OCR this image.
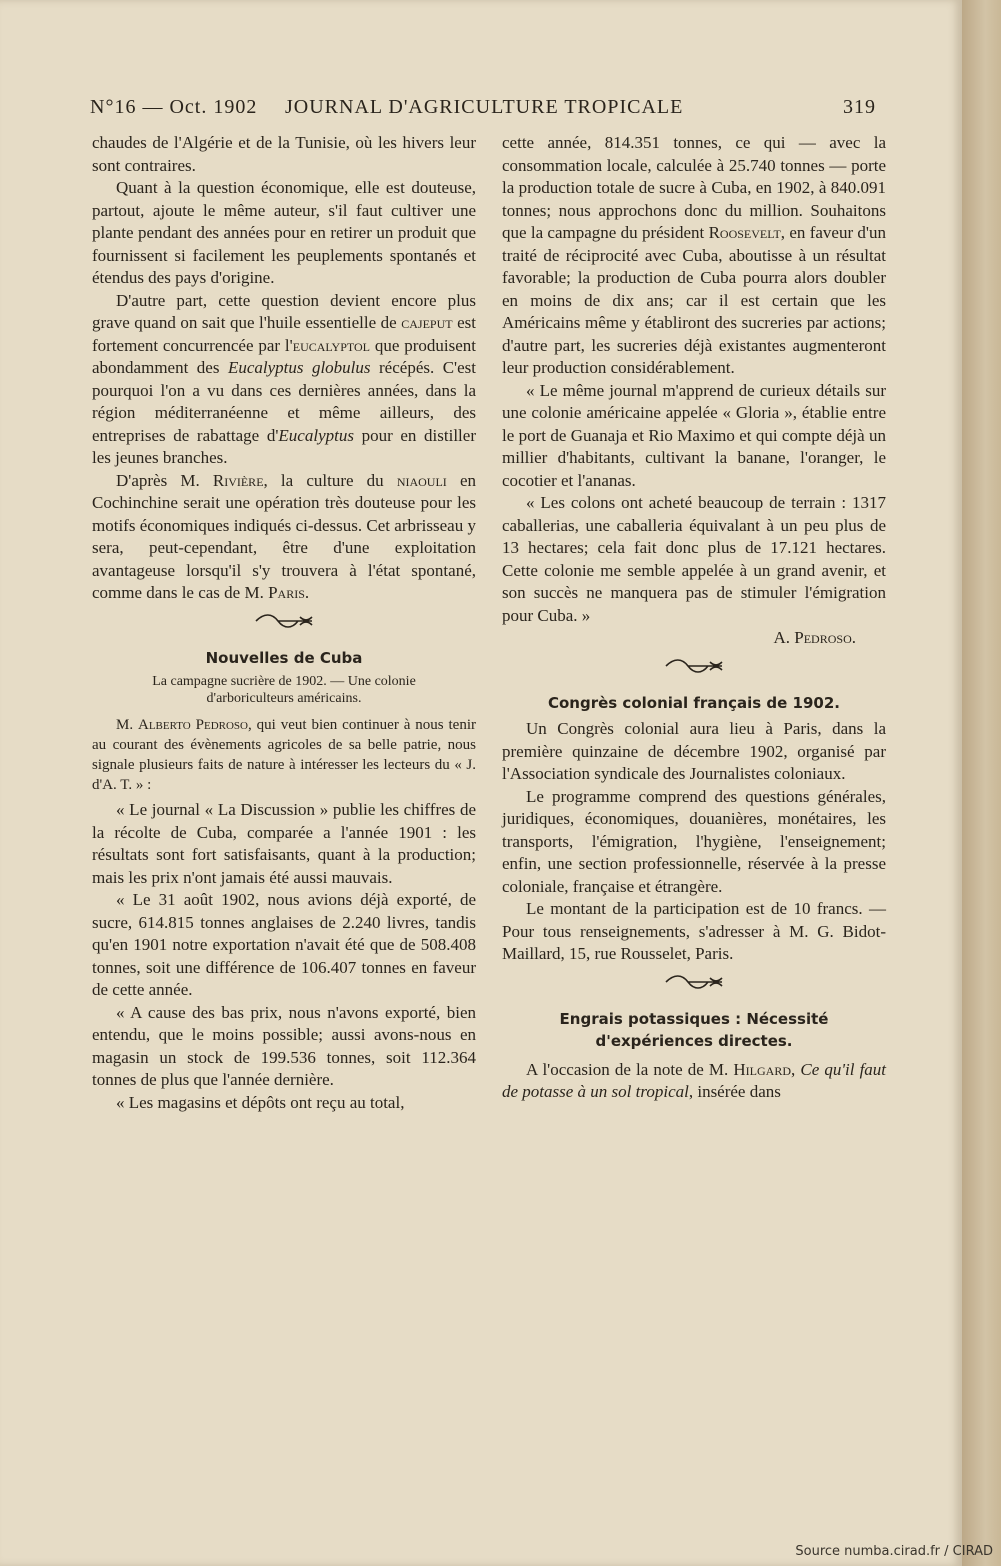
N°16 — Oct. 1902 JOURNAL D'AGRICULTURE TROPICALE	319

chaudes de l'Algérie et de la Tunisie, où les hivers leur sont contraires.

Quant à la question économique, elle est douteuse, partout, ajoute le même auteur, s'il faut cultiver une plante pendant des années pour en retirer un produit que fournissent si facilement les peuplements spontanés et étendus des pays d'origine.

D'autre part, cette question devient encore plus grave quand on sait que l'huile essentielle de cajeput est fortement concurrencée par l'eucalyptol que produisent abondamment des Eucalyptus globulus récépés. C'est pourquoi l'on a vu dans ces dernières années, dans la région méditerranéenne et même ailleurs, des entreprises de rabattage d'Eucalyptus pour en distiller les jeunes branches.

D'après M. Rivière, la culture du niaouli en Cochinchine serait une opération très douteuse pour les motifs économiques indiqués ci-dessus. Cet arbrisseau y sera, peut-cependant, être d'une exploitation avantageuse lorsqu'il s'y trouvera à l'état spontané, comme dans le cas de M. Paris.

Nouvelles de Cuba
La campagne sucrière de 1902. — Une colonie d'arboriculteurs américains.

M. Alberto Pedroso, qui veut bien continuer à nous tenir au courant des évènements agricoles de sa belle patrie, nous signale plusieurs faits de nature à intéresser les lecteurs du « J. d'A. T. » :

« Le journal « La Discussion » publie les chiffres de la récolte de Cuba, comparée a l'année 1901 : les résultats sont fort satisfaisants, quant à la production; mais les prix n'ont jamais été aussi mauvais.

« Le 31 août 1902, nous avions déjà exporté, de sucre, 614.815 tonnes anglaises de 2.240 livres, tandis qu'en 1901 notre exportation n'avait été que de 508.408 tonnes, soit une différence de 106.407 tonnes en faveur de cette année.

« A cause des bas prix, nous n'avons exporté, bien entendu, que le moins possible; aussi avons-nous en magasin un stock de 199.536 tonnes, soit 112.364 tonnes de plus que l'année dernière.

« Les magasins et dépôts ont reçu au total,

cette année, 814.351 tonnes, ce qui — avec la consommation locale, calculée à 25.740 tonnes — porte la production totale de sucre à Cuba, en 1902, à 840.091 tonnes; nous approchons donc du million. Souhaitons que la campagne du président Roosevelt, en faveur d'un traité de réciprocité avec Cuba, aboutisse à un résultat favorable; la production de Cuba pourra alors doubler en moins de dix ans; car il est certain que les Américains même y établiront des sucreries par actions; d'autre part, les sucreries déjà existantes augmenteront leur production considérablement.

« Le même journal m'apprend de curieux détails sur une colonie américaine appelée « Gloria », établie entre le port de Guanaja et Rio Maximo et qui compte déjà un millier d'habitants, cultivant la banane, l'oranger, le cocotier et l'ananas.

« Les colons ont acheté beaucoup de terrain : 1317 caballerias, une caballeria équivalant à un peu plus de 13 hectares; cela fait donc plus de 17.121 hectares. Cette colonie me semble appelée à un grand avenir, et son succès ne manquera pas de stimuler l'émigration pour Cuba. »

A. Pedroso.

Congrès colonial français de 1902.

Un Congrès colonial aura lieu à Paris, dans la première quinzaine de décembre 1902, organisé par l'Association syndicale des Journalistes coloniaux.

Le programme comprend des questions générales, juridiques, économiques, douanières, monétaires, les transports, l'émigration, l'hygiène, l'enseignement; enfin, une section professionnelle, réservée à la presse coloniale, française et étrangère.

Le montant de la participation est de 10 francs. — Pour tous renseignements, s'adresser à M. G. Bidot-Maillard, 15, rue Rousselet, Paris.

Engrais potassiques : Nécessité d'expériences directes.

A l'occasion de la note de M. Hilgard, Ce qu'il faut de potasse à un sol tropical, insérée dans

Source numba.cirad.fr / CIRAD
